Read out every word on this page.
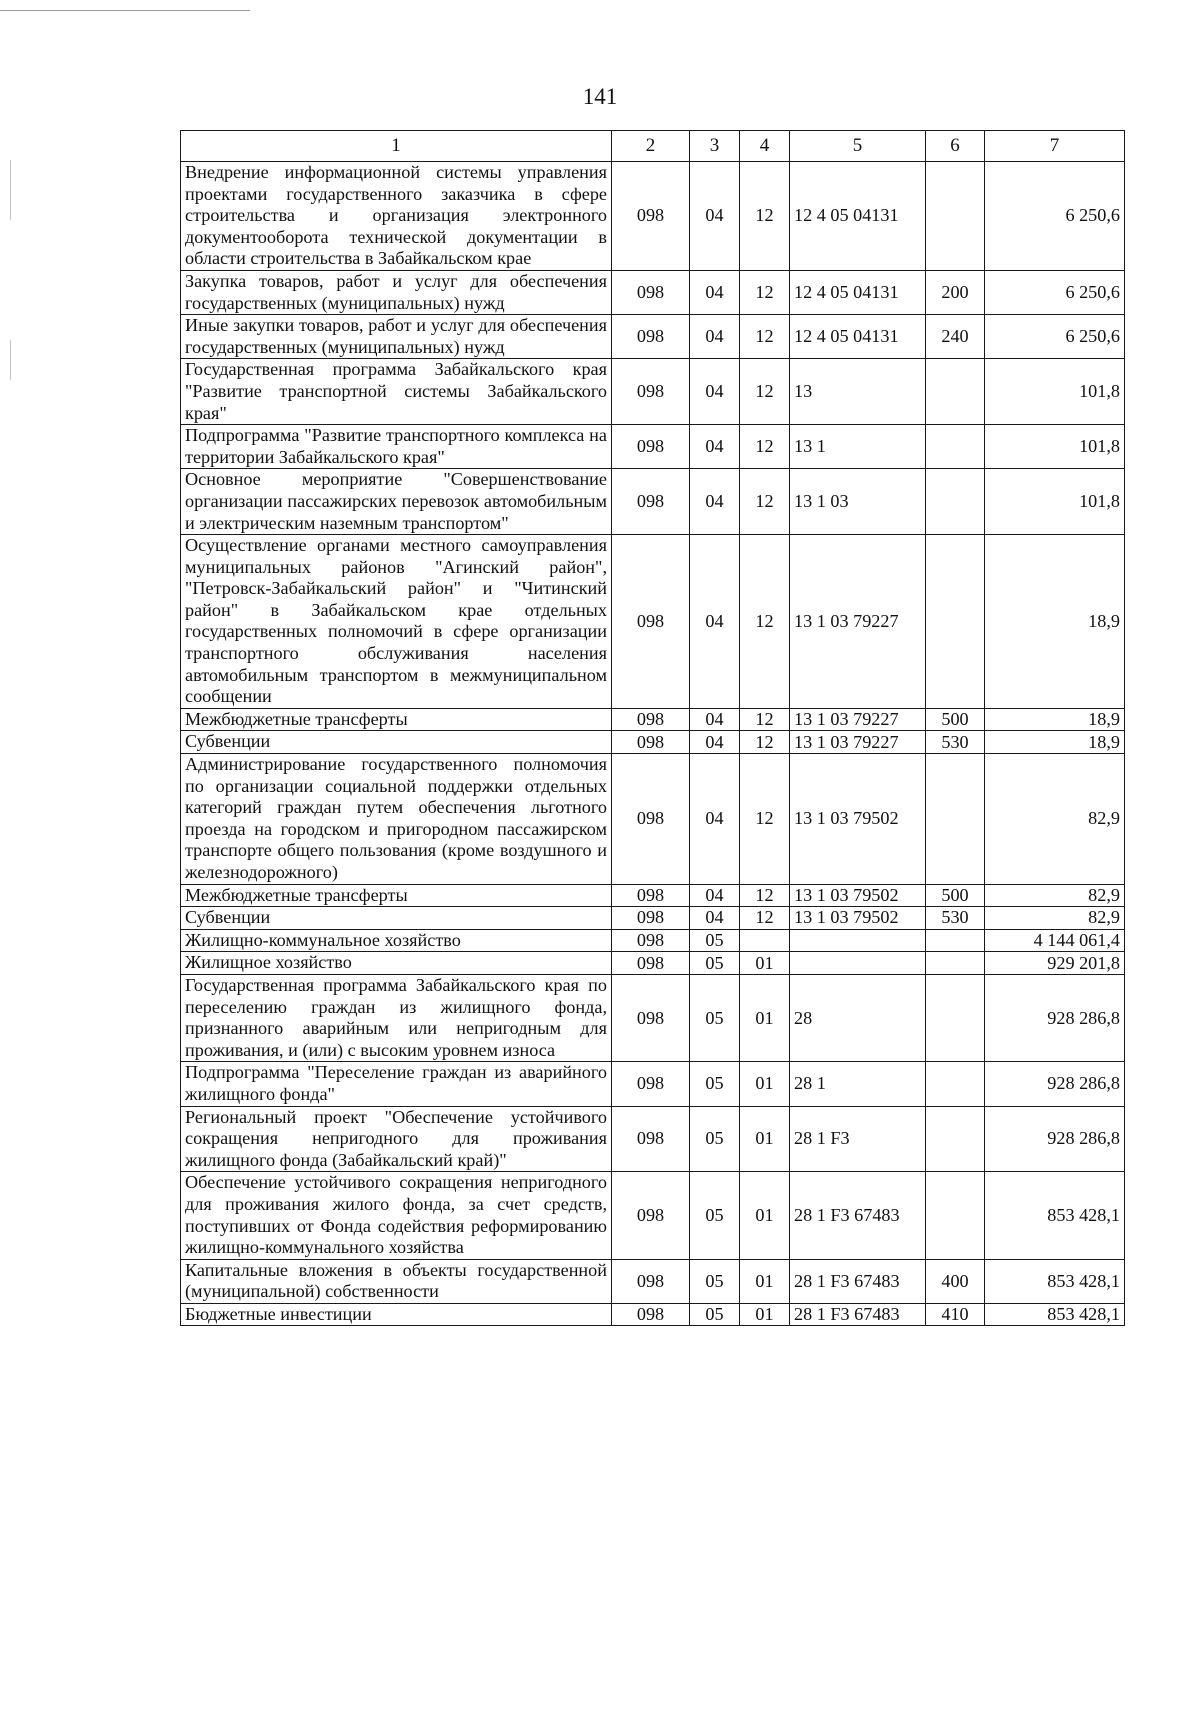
141
1	2	3	4	5	6	7
Внедрение информационной системы управления проектами государственного заказчика в сфере строительства и организация электронного документооборота технической документации в области строительства в Забайкальском крае	098	04	12	12 4 05 04131		6 250,6
Закупка товаров, работ и услуг для обеспечения государственных (муниципальных) нужд	098	04	12	12 4 05 04131	200	6 250,6
Иные закупки товаров, работ и услуг для обеспечения государственных (муниципальных) нужд	098	04	12	12 4 05 04131	240	6 250,6
Государственная программа Забайкальского края "Развитие транспортной системы Забайкальского края"	098	04	12	13		101,8
Подпрограмма "Развитие транспортного комплекса на территории Забайкальского края"	098	04	12	13 1		101,8
Основное мероприятие "Совершенствование организации пассажирских перевозок автомобильным и электрическим наземным транспортом"	098	04	12	13 1 03		101,8
Осуществление органами местного самоуправления муниципальных районов "Агинский район", "Петровск-Забайкальский район" и "Читинский район" в Забайкальском крае отдельных государственных полномочий в сфере организации транспортного обслуживания населения автомобильным транспортом в межмуниципальном сообщении	098	04	12	13 1 03 79227		18,9
Межбюджетные трансферты	098	04	12	13 1 03 79227	500	18,9
Субвенции	098	04	12	13 1 03 79227	530	18,9
Администрирование государственного полномочия по организации социальной поддержки отдельных категорий граждан путем обеспечения льготного проезда на городском и пригородном пассажирском транспорте общего пользования (кроме воздушного и железнодорожного)	098	04	12	13 1 03 79502		82,9
Межбюджетные трансферты	098	04	12	13 1 03 79502	500	82,9
Субвенции	098	04	12	13 1 03 79502	530	82,9
Жилищно-коммунальное хозяйство	098	05				4 144 061,4
Жилищное хозяйство	098	05	01			929 201,8
Государственная программа Забайкальского края по переселению граждан из жилищного фонда, признанного аварийным или непригодным для проживания, и (или) с высоким уровнем износа	098	05	01	28		928 286,8
Подпрограмма "Переселение граждан из аварийного жилищного фонда"	098	05	01	28 1		928 286,8
Региональный проект "Обеспечение устойчивого сокращения непригодного для проживания жилищного фонда (Забайкальский край)"	098	05	01	28 1 F3		928 286,8
Обеспечение устойчивого сокращения непригодного для проживания жилого фонда, за счет средств, поступивших от Фонда содействия реформированию жилищно-коммунального хозяйства	098	05	01	28 1 F3 67483		853 428,1
Капитальные вложения в объекты государственной (муниципальной) собственности	098	05	01	28 1 F3 67483	400	853 428,1
Бюджетные инвестиции	098	05	01	28 1 F3 67483	410	853 428,1
